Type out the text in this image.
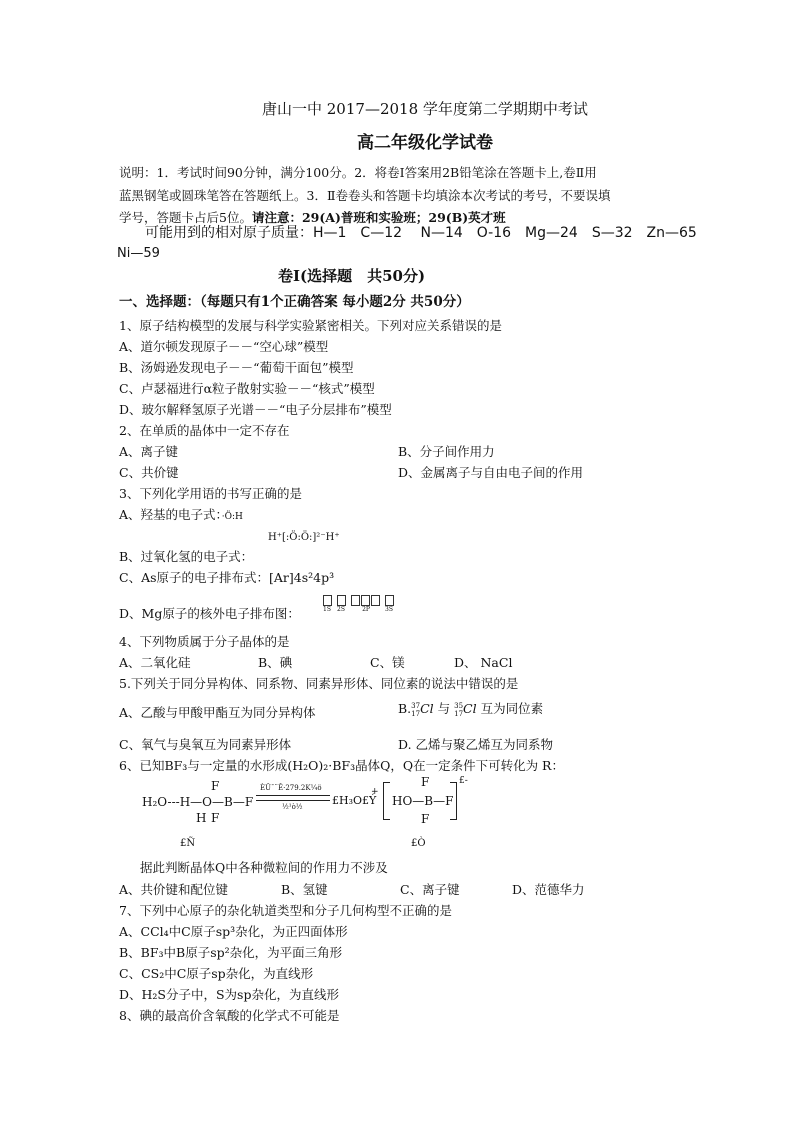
唐山一中 2017—2018 学年度第二学期期中考试
高二年级化学试卷
说明：1．考试时间90分钟，满分100分。2．将卷Ⅰ答案用2B铅笔涂在答题卡上,卷Ⅱ用
蓝黑钢笔或圆珠笔答在答题纸上。3．Ⅱ卷卷头和答题卡均填涂本次考试的考号，不要误填
学号，答题卡占后5位。请注意：29(A)普班和实验班；29(B)英才班
可能用到的相对原子质量：H—1　C—12　 N—14　O-16　Mg—24　S—32　Zn—65
Ni—59
卷Ⅰ(选择题　共50分)
一、选择题：（每题只有1个正确答案 每小题2分 共50分）
1、原子结构模型的发展与科学实验紧密相关。下列对应关系错误的是
A、道尔顿发现原子－－“空心球”模型
B、汤姆逊发现电子－－“葡萄干面包”模型
C、卢瑟福进行α粒子散射实验－－“核式”模型
D、玻尔解释氢原子光谱－－“电子分层排布”模型
2、在单质的晶体中一定不存在
A、离子键	B、分子间作用力
C、共价键	D、金属离子与自由电子间的作用
3、下列化学用语的书写正确的是
A、羟基的电子式：·Ö:H
H⁺[:Ö:Ö:]²⁻H⁺
B、过氧化氢的电子式：
C、As原子的电子排布式：[Ar]4s²4p³
D、Mg原子的核外电子排布图：	1S	2S	2P	3S
4、下列物质属于分子晶体的是
A、二氧化硅	B、碘	C、镁	D、 NaCl
5.下列关于同分异构体、同系物、同素异形体、同位素的说法中错误的是
A、乙酸与甲酸甲酯互为同分异构体	B.37
17Cl 与 35
17Cl 互为同位素
C、氧气与臭氧互为同素异形体	D. 乙烯与聚乙烯互为同系物
6、已知BF₃与一定量的水形成(H₂O)₂·BF₃晶体Q，Q在一定条件下可转化为 R：
F
H₂O---H—O—B—F
H F
£Ñ
ÈÛ¯¨Ê·279.2K¼ö
½¹ò½	£H₃O£Ý
+
F
HO—B—F
F
£-
£Ò
据此判断晶体Q中各种微粒间的作用力不涉及
A、共价键和配位键	B、氢键	C、离子键	D、范德华力
7、下列中心原子的杂化轨道类型和分子几何构型不正确的是
A、CCl₄中C原子sp³杂化，为正四面体形
B、BF₃中B原子sp²杂化，为平面三角形
C、CS₂中C原子sp杂化，为直线形
D、H₂S分子中，S为sp杂化，为直线形
8、碘的最高价含氧酸的化学式不可能是
